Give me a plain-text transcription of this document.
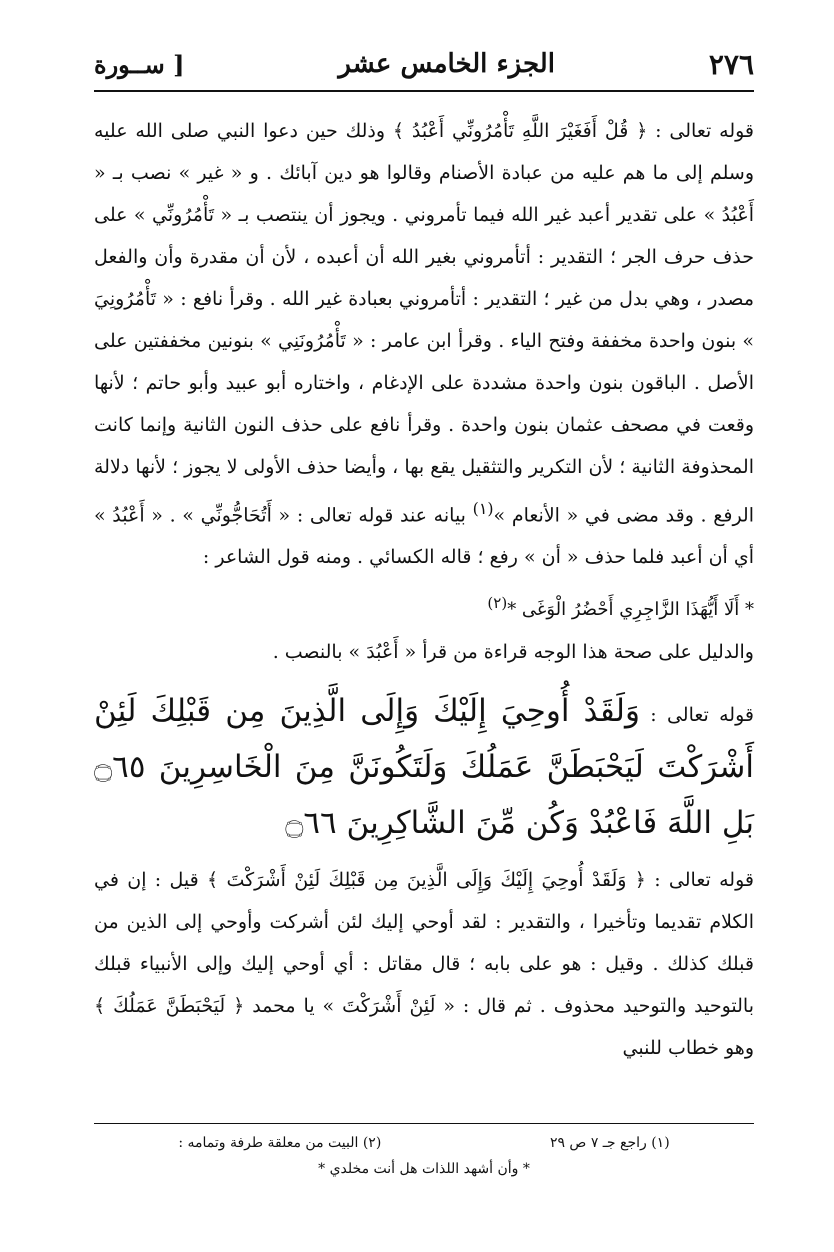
٢٧٦
الجزء الخامس عشر
[ ســورة

قوله تعالى : ﴿ قُلْ أَفَغَيْرَ اللَّهِ تَأْمُرُونِّي أَعْبُدُ ﴾ وذلك حين دعوا النبي صلى الله عليه وسلم إلى ما هم عليه من عبادة الأصنام وقالوا هو دين آبائك . و « غير » نصب بـ « أَعْبُدُ » على تقدير أعبد غير الله فيما تأمروني . ويجوز أن ينتصب بـ « تَأْمُرُونِّي » على حذف حرف الجر ؛ التقدير : أتأمروني بغير الله أن أعبده ، لأن أن مقدرة وأن والفعل مصدر ، وهي بدل من غير ؛ التقدير : أتأمروني بعبادة غير الله . وقرأ نافع : « تَأْمُرُونِيَ » بنون واحدة مخففة وفتح الياء . وقرأ ابن عامر : « تَأْمُرُونَنِي » بنونين مخففتين على الأصل . الباقون بنون واحدة مشددة على الإدغام ، واختاره أبو عبيد وأبو حاتم ؛ لأنها وقعت في مصحف عثمان بنون واحدة . وقرأ نافع على حذف النون الثانية وإنما كانت المحذوفة الثانية ؛ لأن التكرير والتثقيل يقع بها ، وأيضا حذف الأولى لا يجوز ؛ لأنها دلالة الرفع . وقد مضى في « الأنعام »$^{(١)}$ بيانه عند قوله تعالى : « أَتُحَاجُّونِّي » . « أَعْبُدُ » أي أن أعبد فلما حذف « أن » رفع ؛ قاله الكسائي . ومنه قول الشاعر :

* أَلَا أَيُّهَذَا الزَّاجِرِي أَحْضُرُ الْوَغَى *$^{(٢)}$

والدليل على صحة هذا الوجه قراءة من قرأ « أَعْبُدَ » بالنصب .

قوله تعالى : وَلَقَدْ أُوحِيَ إِلَيْكَ وَإِلَى الَّذِينَ مِن قَبْلِكَ لَئِنْ أَشْرَكْتَ لَيَحْبَطَنَّ عَمَلُكَ وَلَتَكُونَنَّ مِنَ الْخَاسِرِينَ ۝٦٥ بَلِ اللَّهَ فَاعْبُدْ وَكُن مِّنَ الشَّاكِرِينَ ۝٦٦

قوله تعالى : ﴿ وَلَقَدْ أُوحِيَ إِلَيْكَ وَإِلَى الَّذِينَ مِن قَبْلِكَ لَئِنْ أَشْرَكْتَ ﴾ قيل : إن في الكلام تقديما وتأخيرا ، والتقدير : لقد أوحي إليك لئن أشركت وأوحي إلى الذين من قبلك كذلك . وقيل : هو على بابه ؛ قال مقاتل : أي أوحي إليك وإلى الأنبياء قبلك بالتوحيد والتوحيد محذوف . ثم قال : « لَئِنْ أَشْرَكْتَ » يا محمد ﴿ لَيَحْبَطَنَّ عَمَلُكَ ﴾ وهو خطاب للنبي

(١) راجع جـ ٧ ص ٢٩
(٢) البيت من معلقة طرفة وتمامه :
* وأن أشهد اللذات هل أنت مخلدي *
